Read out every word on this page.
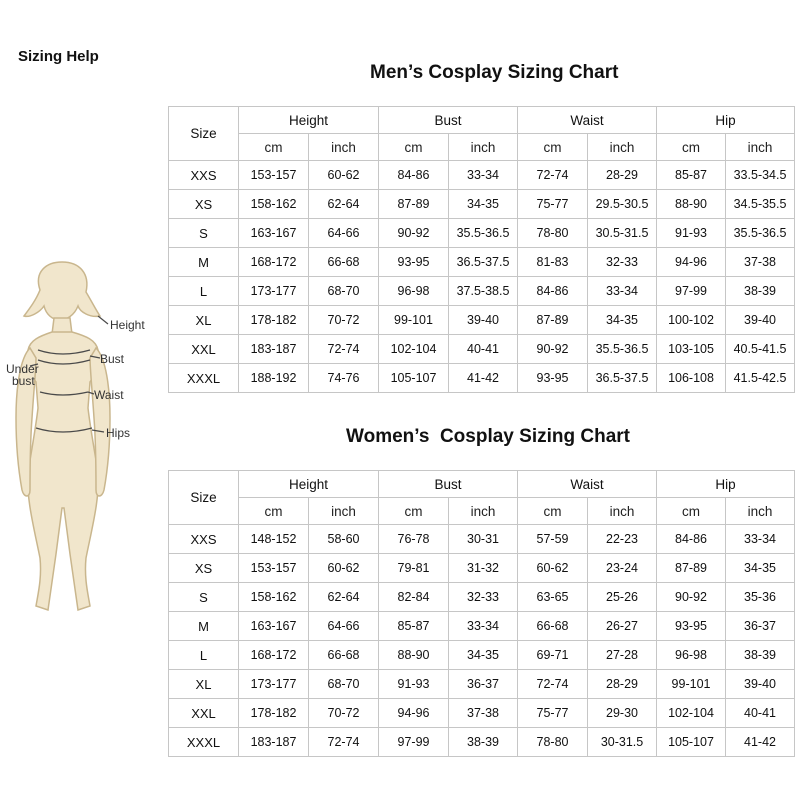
Sizing Help
Height
Bust
Under
bust
Waist
Hips
Men’s Cosplay Sizing Chart
Size	Height		Bust		Waist		Hip	
	cm	inch	cm	inch	cm	inch	cm	inch
XXS	153-157	60-62	84-86	33-34	72-74	28-29	85-87	33.5-34.5
XS	158-162	62-64	87-89	34-35	75-77	29.5-30.5	88-90	34.5-35.5
S	163-167	64-66	90-92	35.5-36.5	78-80	30.5-31.5	91-93	35.5-36.5
M	168-172	66-68	93-95	36.5-37.5	81-83	32-33	94-96	37-38
L	173-177	68-70	96-98	37.5-38.5	84-86	33-34	97-99	38-39
XL	178-182	70-72	99-101	39-40	87-89	34-35	100-102	39-40
XXL	183-187	72-74	102-104	40-41	90-92	35.5-36.5	103-105	40.5-41.5
XXXL	188-192	74-76	105-107	41-42	93-95	36.5-37.5	106-108	41.5-42.5
Women’s  Cosplay Sizing Chart
Size	Height		Bust		Waist		Hip	
	cm	inch	cm	inch	cm	inch	cm	inch
XXS	148-152	58-60	76-78	30-31	57-59	22-23	84-86	33-34
XS	153-157	60-62	79-81	31-32	60-62	23-24	87-89	34-35
S	158-162	62-64	82-84	32-33	63-65	25-26	90-92	35-36
M	163-167	64-66	85-87	33-34	66-68	26-27	93-95	36-37
L	168-172	66-68	88-90	34-35	69-71	27-28	96-98	38-39
XL	173-177	68-70	91-93	36-37	72-74	28-29	99-101	39-40
XXL	178-182	70-72	94-96	37-38	75-77	29-30	102-104	40-41
XXXL	183-187	72-74	97-99	38-39	78-80	30-31.5	105-107	41-42
